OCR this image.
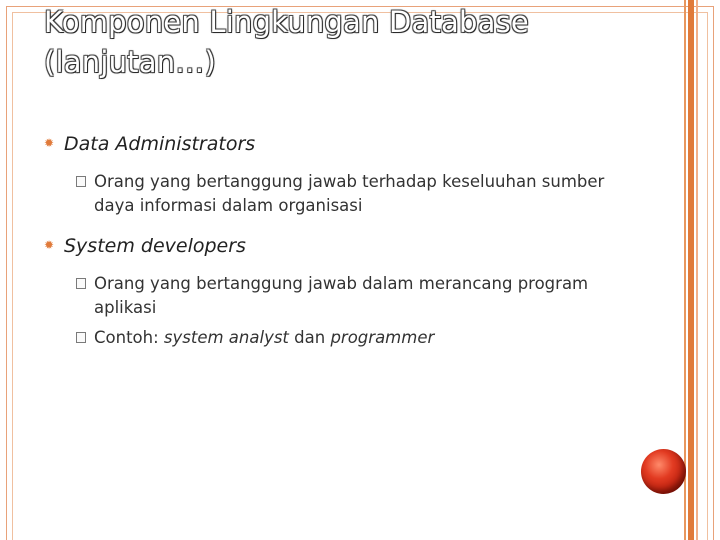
Komponen Lingkungan Database
(lanjutan…)
✹ Data Administrators
Orang yang bertanggung jawab terhadap keseluuhan sumber daya informasi dalam organisasi
✹ System developers
Orang yang bertanggung jawab dalam merancang program aplikasi
Contoh: system analyst dan programmer
